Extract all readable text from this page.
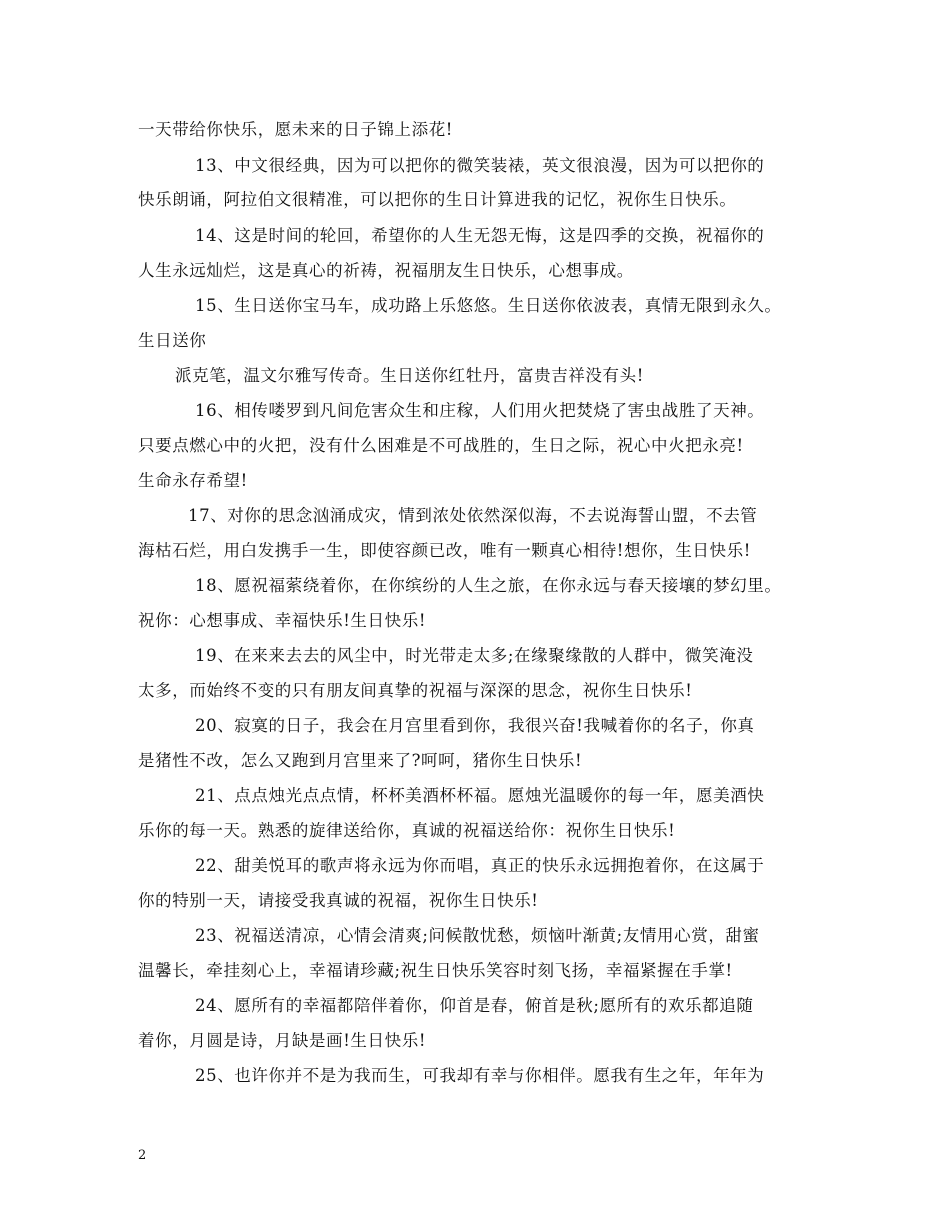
一天带给你快乐，愿未来的日子锦上添花!
13、中文很经典，因为可以把你的微笑装裱，英文很浪漫，因为可以把你的
快乐朗诵，阿拉伯文很精准，可以把你的生日计算进我的记忆，祝你生日快乐。
14、这是时间的轮回，希望你的人生无怨无悔，这是四季的交换，祝福你的
人生永远灿烂，这是真心的祈祷，祝福朋友生日快乐，心想事成。
15、生日送你宝马车，成功路上乐悠悠。生日送你依波表，真情无限到永久。
生日送你
派克笔，温文尔雅写传奇。生日送你红牡丹，富贵吉祥没有头!
16、相传喽罗到凡间危害众生和庄稼，人们用火把焚烧了害虫战胜了天神。
只要点燃心中的火把，没有什么困难是不可战胜的，生日之际，祝心中火把永亮!
生命永存希望!
17、对你的思念汹涌成灾，情到浓处依然深似海，不去说海誓山盟，不去管
海枯石烂，用白发携手一生，即使容颜已改，唯有一颗真心相待!想你，生日快乐!
18、愿祝福萦绕着你，在你缤纷的人生之旅，在你永远与春天接壤的梦幻里。
祝你：心想事成、幸福快乐!生日快乐!
19、在来来去去的风尘中，时光带走太多;在缘聚缘散的人群中，微笑淹没
太多，而始终不变的只有朋友间真挚的祝福与深深的思念，祝你生日快乐!
20、寂寞的日子，我会在月宫里看到你，我很兴奋!我喊着你的名子，你真
是猪性不改，怎么又跑到月宫里来了?呵呵，猪你生日快乐!
21、点点烛光点点情，杯杯美酒杯杯福。愿烛光温暖你的每一年，愿美酒快
乐你的每一天。熟悉的旋律送给你，真诚的祝福送给你：祝你生日快乐!
22、甜美悦耳的歌声将永远为你而唱，真正的快乐永远拥抱着你，在这属于
你的特别一天，请接受我真诚的祝福，祝你生日快乐!
23、祝福送清凉，心情会清爽;问候散忧愁，烦恼叶渐黄;友情用心赏，甜蜜
温馨长，牵挂刻心上，幸福请珍藏;祝生日快乐笑容时刻飞扬，幸福紧握在手掌!
24、愿所有的幸福都陪伴着你，仰首是春，俯首是秋;愿所有的欢乐都追随
着你，月圆是诗，月缺是画!生日快乐!
25、也许你并不是为我而生，可我却有幸与你相伴。愿我有生之年，年年为
2
